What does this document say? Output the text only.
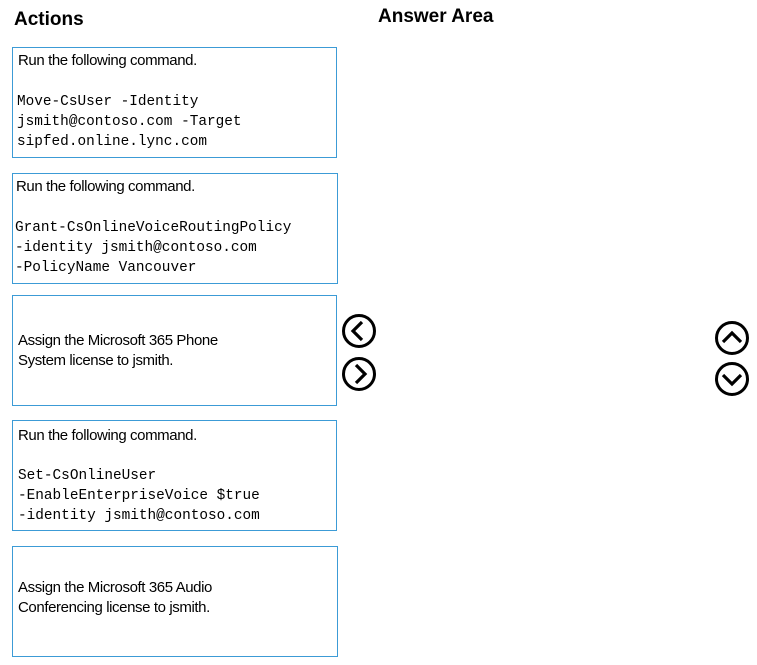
Actions	Answer Area
Run the following command.
Move-CsUser -Identity
jsmith@contoso.com -Target
sipfed.online.lync.com
Run the following command.
Grant-CsOnlineVoiceRoutingPolicy
-identity jsmith@contoso.com
-PolicyName Vancouver
Assign the Microsoft 365 Phone
System license to jsmith.
Run the following command.
Set-CsOnlineUser
-EnableEnterpriseVoice $true
-identity jsmith@contoso.com
Assign the Microsoft 365 Audio
Conferencing license to jsmith.
